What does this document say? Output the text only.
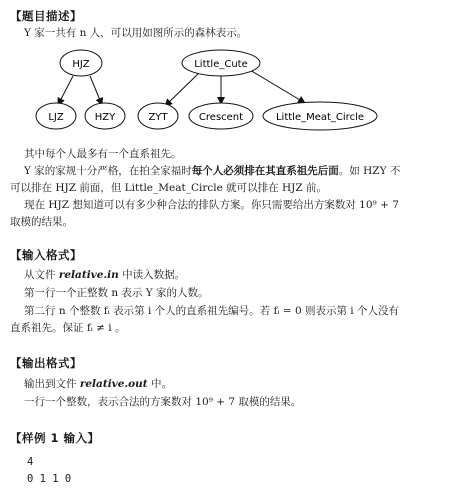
【题目描述】
Y 家一共有 n 人，可以用如图所示的森林表示。
HJZ
LJZ	HZY
Little_Cute
ZYT	Crescent	Little_Meat_Circle
其中每个人最多有一个直系祖先。
Y 家的家规十分严格，在拍全家福时每个人必须排在其直系祖先后面。如 HZY 不
可以排在 HJZ 前面，但 Little_Meat_Circle 就可以排在 HJZ 前。
现在 HJZ 想知道可以有多少种合法的排队方案。你只需要给出方案数对 10⁹ + 7
取模的结果。
【输入格式】
从文件 relative.in 中读入数据。
第一行一个正整数 n 表示 Y 家的人数。
第二行 n 个整数 fᵢ 表示第 i 个人的直系祖先编号。若 fᵢ = 0 则表示第 i 个人没有
直系祖先。保证 fᵢ ≠ i 。
【输出格式】
输出到文件 relative.out 中。
一行一个整数，表示合法的方案数对 10⁹ + 7 取模的结果。
【样例 1 输入】
4
0 1 1 0
